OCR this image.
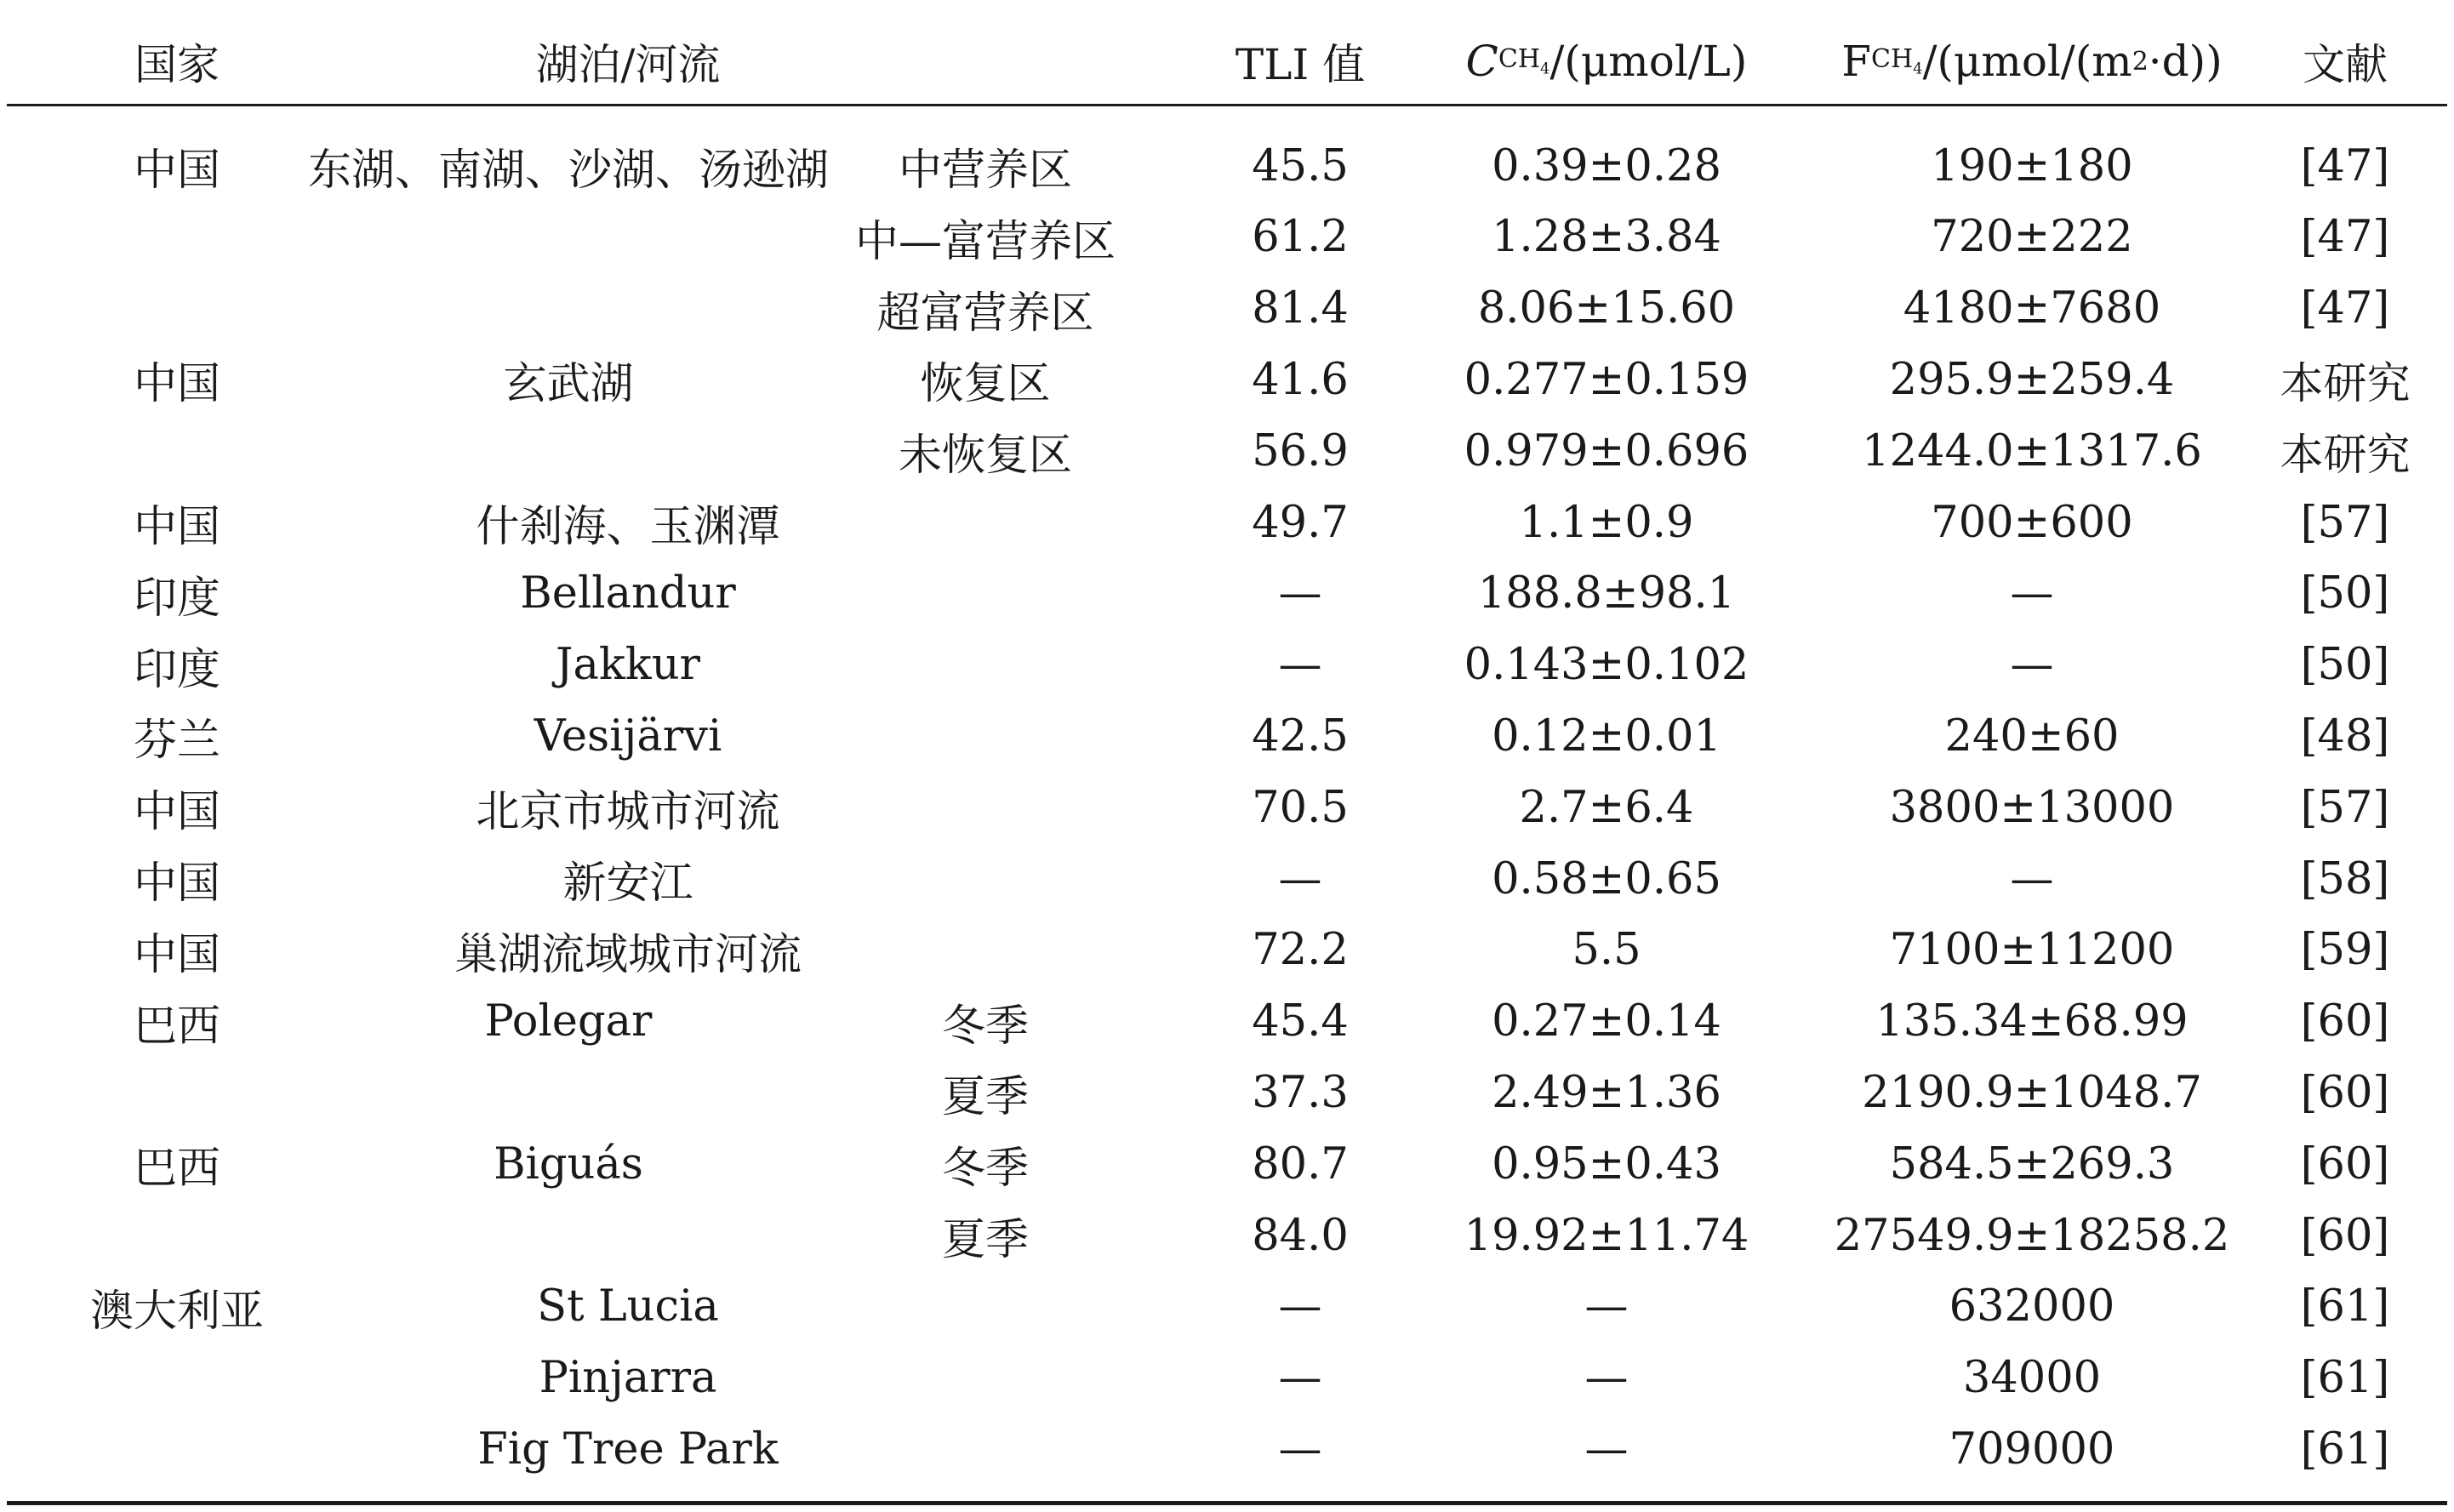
国家	湖泊/河流	TLI 值 C $CH_4$ /(μmol/L) F $CH_4$ /(μmol/(m 2 ·d)) 文献
中国	东湖、南湖、沙湖、汤逊湖	中营养区	45.5	0.39±0.28	190±180	[47]
中—富营养区	61.2	1.28±3.84	720±222	[47]
超富营养区	81.4	8.06±15.60	4180±7680	[47]
中国	玄武湖	恢复区	41.6	0.277±0.159	295.9±259.4	本研究
未恢复区	56.9	0.979±0.696	1244.0±1317.6	本研究
中国	什刹海、玉渊潭	49.7	1.1±0.9	700±600	[57]
印度	Bellandur	—	188.8±98.1	—	[50]
印度	Jakkur	—	0.143±0.102	—	[50]
芬兰	Vesijärvi	42.5	0.12±0.01	240±60	[48]
中国	北京市城市河流	70.5	2.7±6.4	3800±13000	[57]
中国	新安江	—	0.58±0.65	—	[58]
中国	巢湖流域城市河流	72.2	5.5	7100±11200	[59]
巴西	Polegar	冬季	45.4	0.27±0.14	135.34±68.99	[60]
夏季	37.3	2.49±1.36	2190.9±1048.7	[60]
巴西	Biguás	冬季	80.7	0.95±0.43	584.5±269.3	[60]
夏季	84.0	19.92±11.74	27549.9±18258.2	[60]
澳大利亚	St Lucia	—	—	632000	[61]
Pinjarra	—	—	34000	[61]
Fig Tree Park	—	—	709000	[61]
